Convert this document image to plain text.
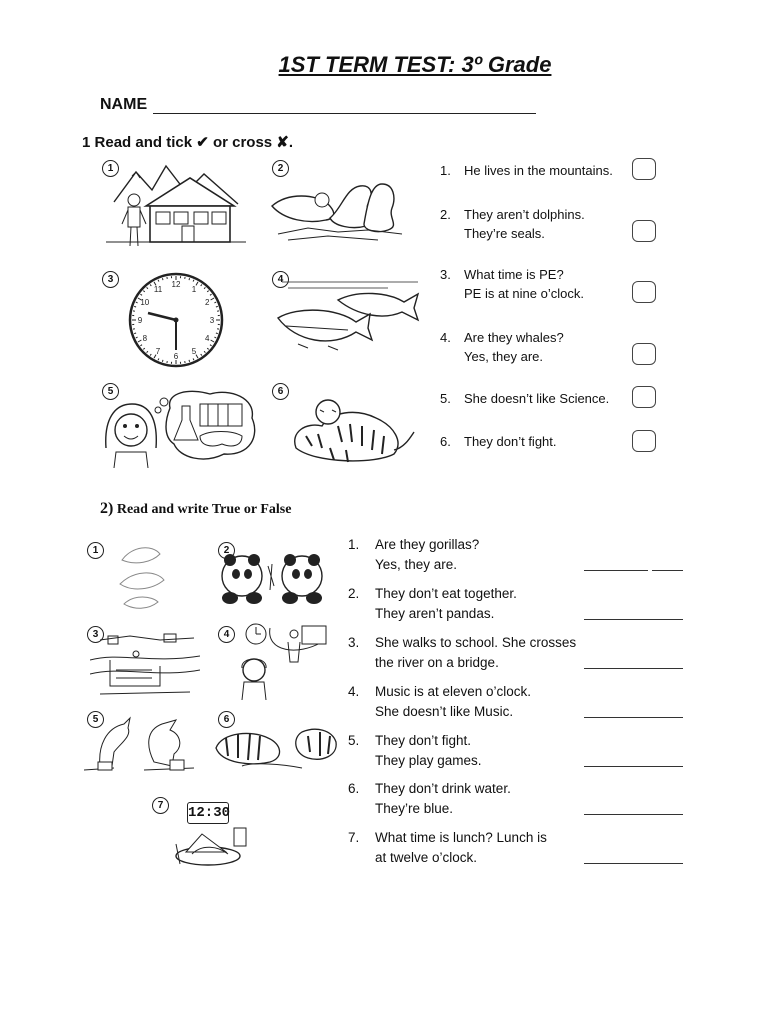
1ST TERM TEST: 3º Grade
NAME
1 Read and tick ✔ or cross ✘.
1	2
3	12
1
2
3
4
5
6
7
8
9
10
11
4
5	6
1. He lives in the mountains.
2. They aren’t dolphins.
They’re seals.
3. What time is PE?
PE is at nine o’clock.
4. Are they whales?
Yes, they are.
5. She doesn’t like Science.
6. They don’t fight.
2) Read and write True or False
1	2
3	4
5	6
7	12:30
1. Are they gorillas?
Yes, they are.
2. They don’t eat together.
They aren’t pandas.
3. She walks to school. She crosses
the river on a bridge.
4. Music is at eleven o’clock.
She doesn’t like Music.
5. They don’t fight.
They play games.
6. They don’t drink water.
They’re blue.
7. What time is lunch? Lunch is
at twelve o’clock.
